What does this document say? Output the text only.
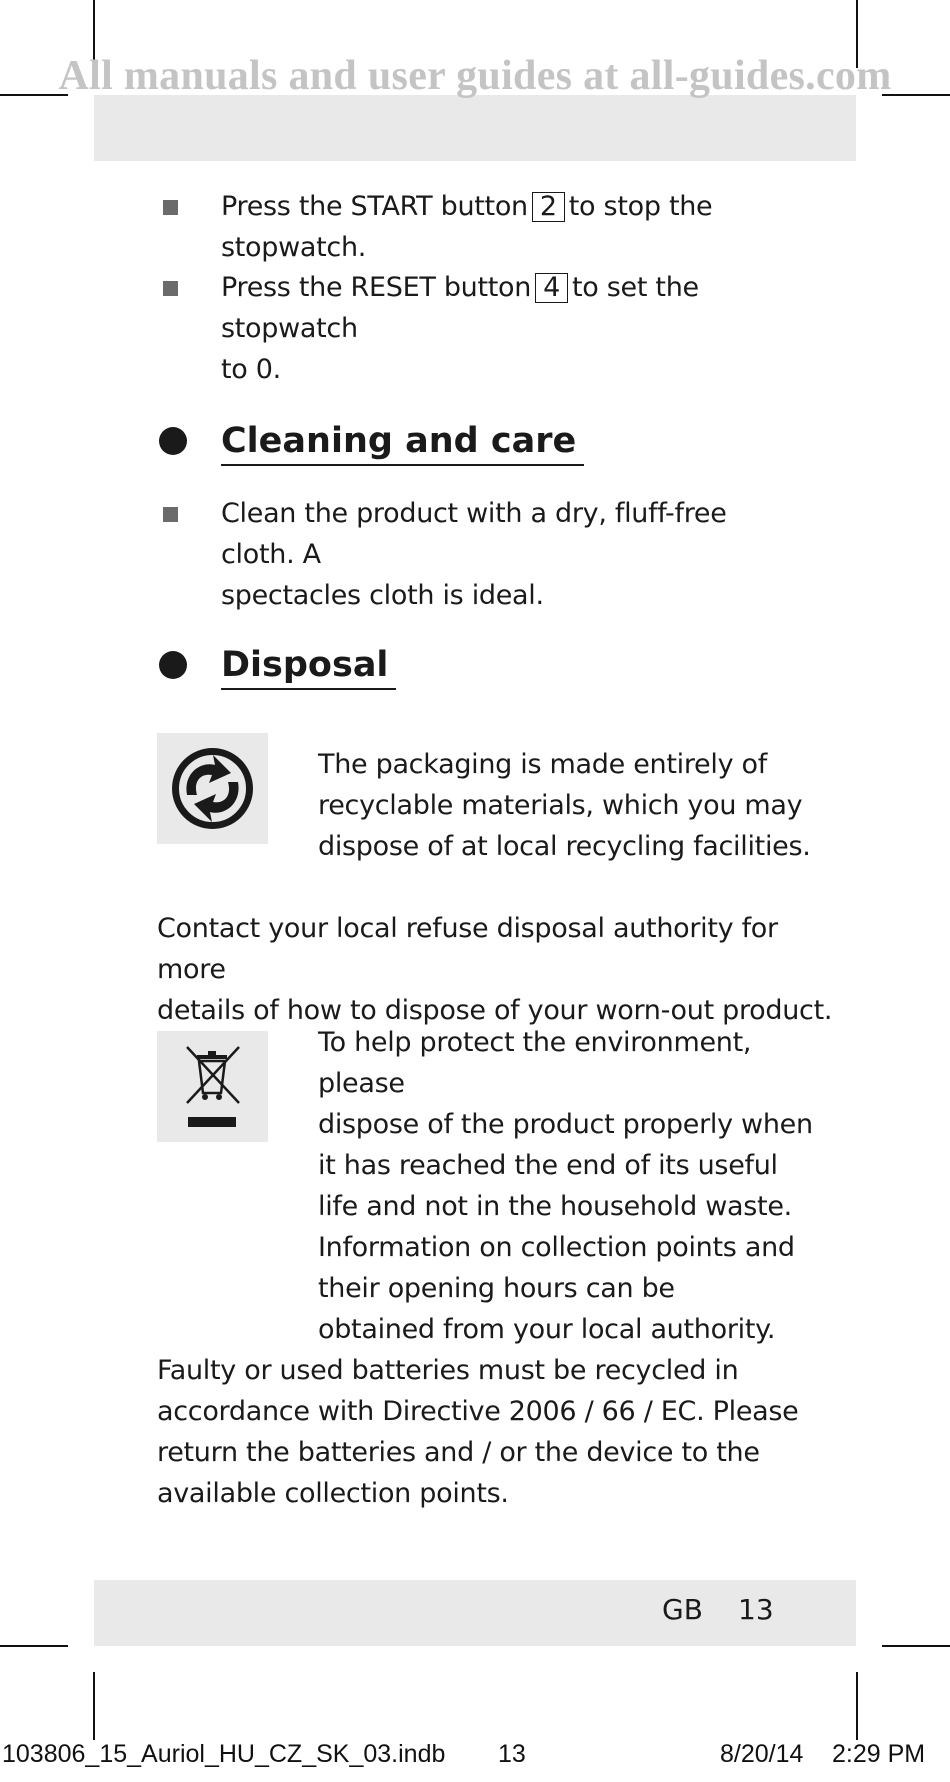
All manuals and user guides at all-guides.com
Press the START button 2 to stop the
stopwatch.
Press the RESET button 4 to set the stopwatch
to 0.
Cleaning and care
Clean the product with a dry, fluff-free cloth. A
spectacles cloth is ideal.
Disposal
The packaging is made entirely of
recyclable materials, which you may
dispose of at local recycling facilities.
Contact your local refuse disposal authority for more
details of how to dispose of your worn-out product.
To help protect the environment, please
dispose of the product properly when
it has reached the end of its useful
life and not in the household waste.
Information on collection points and
their opening hours can be
obtained from your local authority.
Faulty or used batteries must be recycled in
accordance with Directive 2006 / 66 / EC. Please
return the batteries and / or the device to the
available collection points.
GB 13
103806_15_Auriol_HU_CZ_SK_03.indb 13	8/20/14 2:29 PM
